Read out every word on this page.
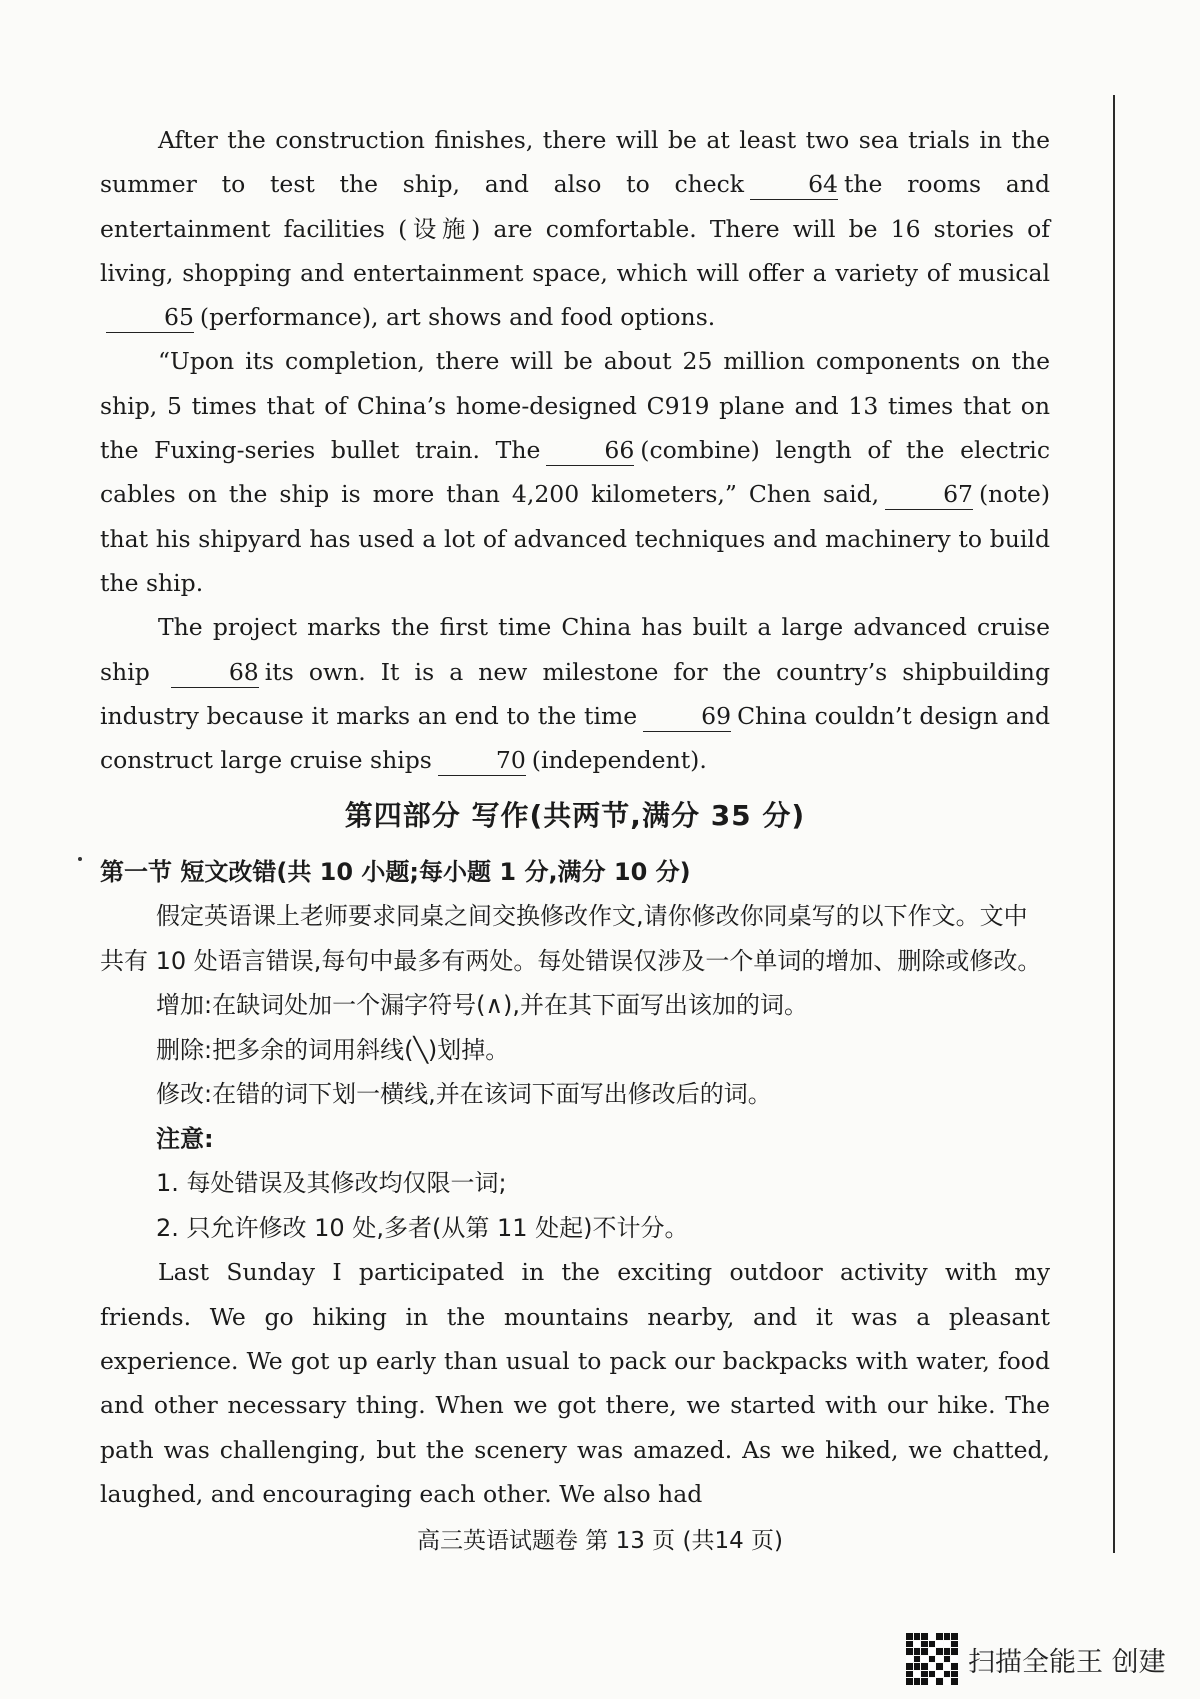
After the construction finishes, there will be at least two sea trials in the summer to test the ship, and also to check	64 the rooms and entertainment facilities (设施) are comfortable. There will be 16 stories of living, shopping and entertainment space, which will offer a variety of musical65 (performance), art shows and food options.

“Upon its completion, there will be about 25 million components on the ship, 5 times that of China’s home-designed C919 plane and 13 times that on the Fuxing-series bullet train. The	66 (combine) length of the electric cables on the ship is more than 4,200 kilometers,” Chen said,	67 (note) that his shipyard has used a lot of advanced techniques and machinery to build the ship.

The project marks the first time China has built a large advanced cruise ship	68 its own. It is a new milestone for the country’s shipbuilding industry because it marks an end to the time	69 China couldn’t design and construct large cruise ships	70 (independent).

第四部分 写作(共两节,满分 35 分)

第一节 短文改错(共 10 小题;每小题 1 分,满分 10 分)

假定英语课上老师要求同桌之间交换修改作文,请你修改你同桌写的以下作文。文中共有 10 处语言错误,每句中最多有两处。每处错误仅涉及一个单词的增加、删除或修改。

增加:在缺词处加一个漏字符号(∧),并在其下面写出该加的词。

删除:把多余的词用斜线(╲)划掉。

修改:在错的词下划一横线,并在该词下面写出修改后的词。

注意:

1. 每处错误及其修改均仅限一词;

2. 只允许修改 10 处,多者(从第 11 处起)不计分。

Last Sunday I participated in the exciting outdoor activity with my friends. We go hiking in the mountains nearby, and it was a pleasant experience. We got up early than usual to pack our backpacks with water, food and other necessary thing. When we got there, we started with our hike. The path was challenging, but the scenery was amazed. As we hiked, we chatted, laughed, and encouraging each other. We also had

高三英语试题卷 第 13 页 (共14 页)
扫描全能王 创建
